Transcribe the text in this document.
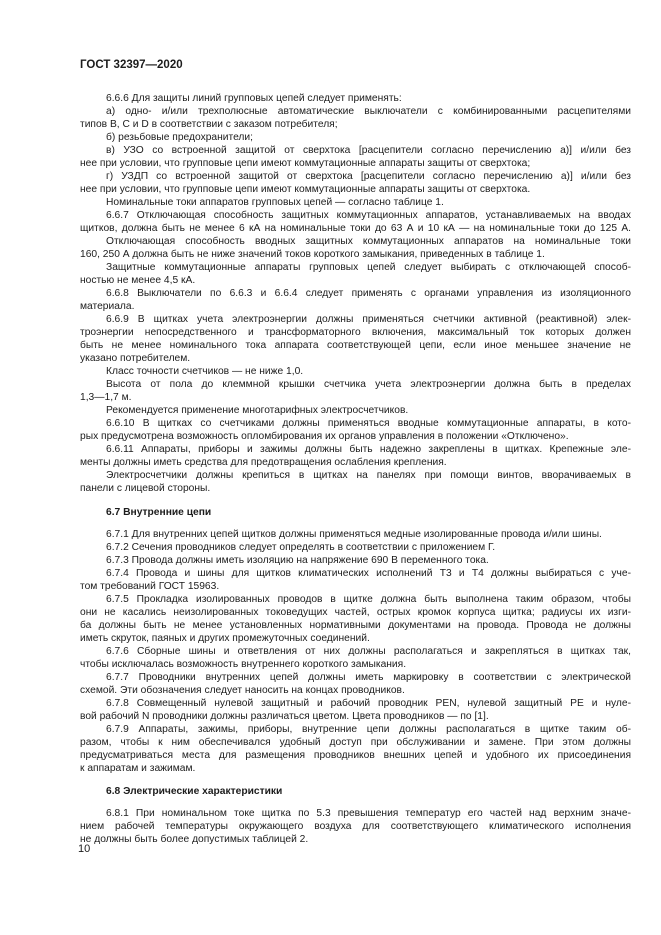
ГОСТ 32397—2020
6.6.6 Для защиты линий групповых цепей следует применять:
а) одно- и/или трехполюсные автоматические выключатели с комбинированными расцепителями
типов B, C и D в соответствии с заказом потребителя;
б) резьбовые предохранители;
в) УЗО со встроенной защитой от сверхтока [расцепители согласно перечислению а)] и/или без
нее при условии, что групповые цепи имеют коммутационные аппараты защиты от сверхтока;
г) УЗДП со встроенной защитой от сверхтока [расцепители согласно перечислению а)] и/или без
нее при условии, что групповые цепи имеют коммутационные аппараты защиты от сверхтока.
Номинальные токи аппаратов групповых цепей — согласно таблице 1.
6.6.7 Отключающая способность защитных коммутационных аппаратов, устанавливаемых на вводах
щитков, должна быть не менее 6 кА на номинальные токи до 63 А и 10 кА — на номинальные токи до 125 А.
Отключающая способность вводных защитных коммутационных аппаратов на номинальные токи
160, 250 А должна быть не ниже значений токов короткого замыкания, приведенных в таблице 1.
Защитные коммутационные аппараты групповых цепей следует выбирать с отключающей способ-
ностью не менее 4,5 кА.
6.6.8 Выключатели по 6.6.3 и 6.6.4 следует применять с органами управления из изоляционного
материала.
6.6.9 В щитках учета электроэнергии должны применяться счетчики активной (реактивной) элек-
троэнергии непосредственного и трансформаторного включения, максимальный ток которых должен
быть не менее номинального тока аппарата соответствующей цепи, если иное меньшее значение не
указано потребителем.
Класс точности счетчиков — не ниже 1,0.
Высота от пола до клеммной крышки счетчика учета электроэнергии должна быть в пределах
1,3—1,7 м.
Рекомендуется применение многотарифных электросчетчиков.
6.6.10 В щитках со счетчиками должны применяться вводные коммутационные аппараты, в кото-
рых предусмотрена возможность опломбирования их органов управления в положении «Отключено».
6.6.11 Аппараты, приборы и зажимы должны быть надежно закреплены в щитках. Крепежные эле-
менты должны иметь средства для предотвращения ослабления крепления.
Электросчетчики должны крепиться в щитках на панелях при помощи винтов, вворачиваемых в
панели с лицевой стороны.
6.7 Внутренние цепи
6.7.1 Для внутренних цепей щитков должны применяться медные изолированные провода и/или шины.
6.7.2 Сечения проводников следует определять в соответствии с приложением Г.
6.7.3 Провода должны иметь изоляцию на напряжение 690 В переменного тока.
6.7.4 Провода и шины для щитков климатических исполнений Т3 и Т4 должны выбираться с уче-
том требований ГОСТ 15963.
6.7.5 Прокладка изолированных проводов в щитке должна быть выполнена таким образом, чтобы
они не касались неизолированных токоведущих частей, острых кромок корпуса щитка; радиусы их изги-
ба должны быть не менее установленных нормативными документами на провода. Провода не должны
иметь скруток, паяных и других промежуточных соединений.
6.7.6 Сборные шины и ответвления от них должны располагаться и закрепляться в щитках так,
чтобы исключалась возможность внутреннего короткого замыкания.
6.7.7 Проводники внутренних цепей должны иметь маркировку в соответствии с электрической
схемой. Эти обозначения следует наносить на концах проводников.
6.7.8 Совмещенный нулевой защитный и рабочий проводник PEN, нулевой защитный PE и нуле-
вой рабочий N проводники должны различаться цветом. Цвета проводников — по [1].
6.7.9 Аппараты, зажимы, приборы, внутренние цепи должны располагаться в щитке таким об-
разом, чтобы к ним обеспечивался удобный доступ при обслуживании и замене. При этом должны
предусматриваться места для размещения проводников внешних цепей и удобного их присоединения
к аппаратам и зажимам.
6.8 Электрические характеристики
6.8.1 При номинальном токе щитка по 5.3 превышения температур его частей над верхним значе-
нием рабочей температуры окружающего воздуха для соответствующего климатического исполнения
не должны быть более допустимых таблицей 2.
10
